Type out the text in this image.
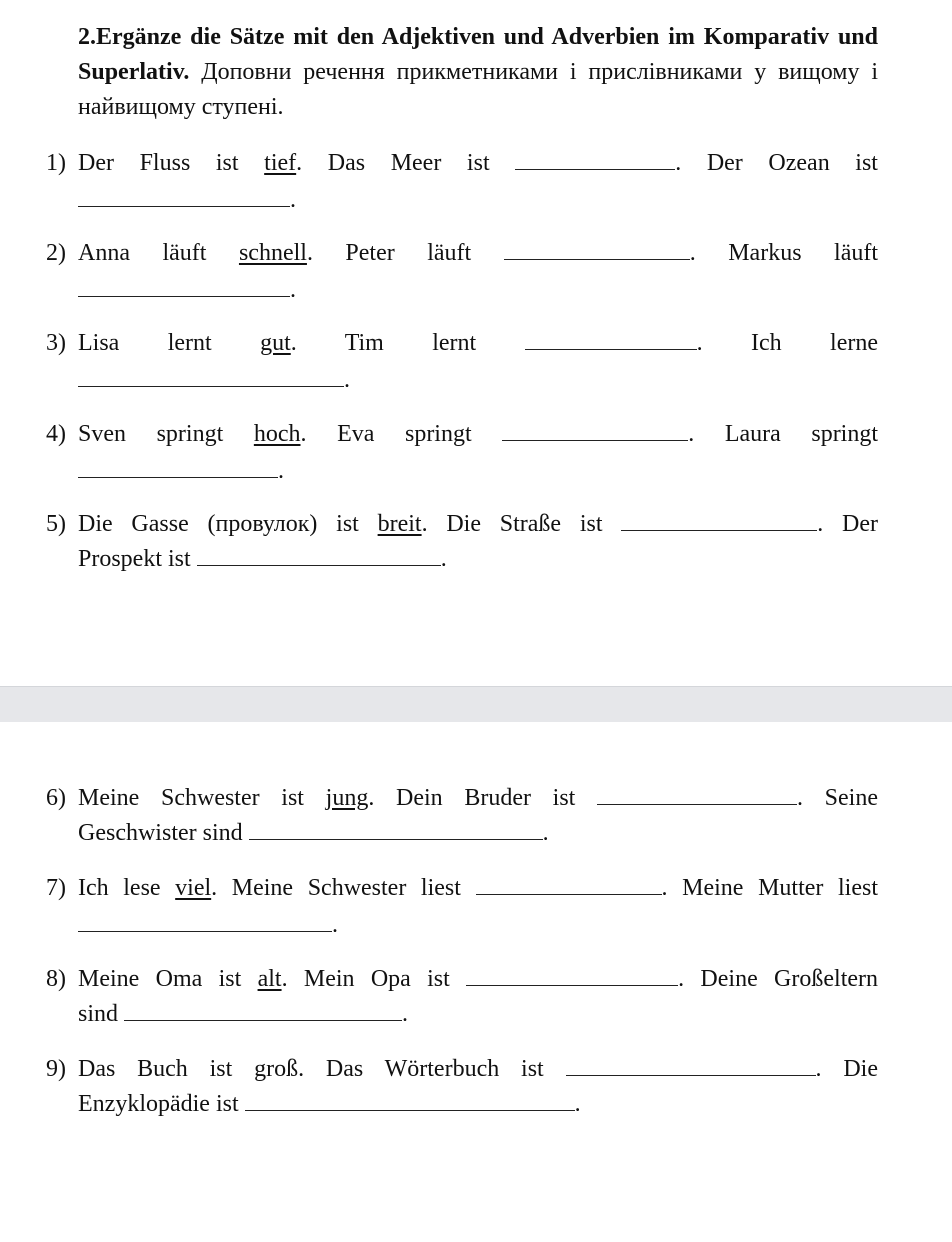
2.Ergänze die Sätze mit den Adjektiven und Adverbien im Komparativ und Superlativ. Доповни речення прикметниками і прислівниками у вищому і найвищому ступені.
1) Der Fluss ist tief. Das Meer ist	. Der Ozean ist
.
2) Anna läuft schnell. Peter läuft	. Markus läuft
.
3) Lisa lernt gut. Tim lernt	. Ich lerne
.
4) Sven springt hoch. Eva springt	. Laura springt
.
5) Die Gasse (провулок) ist breit. Die Straße ist	. Der
Prospekt ist	.
6) Meine Schwester ist jung. Dein Bruder ist	. Seine
Geschwister sind	.
7) Ich lese viel. Meine Schwester liest	. Meine Mutter liest
.
8) Meine Oma ist alt. Mein Opa ist	. Deine Großeltern
sind	.
9) Das Buch ist groß. Das Wörterbuch ist	. Die
Enzyklopädie ist	.
